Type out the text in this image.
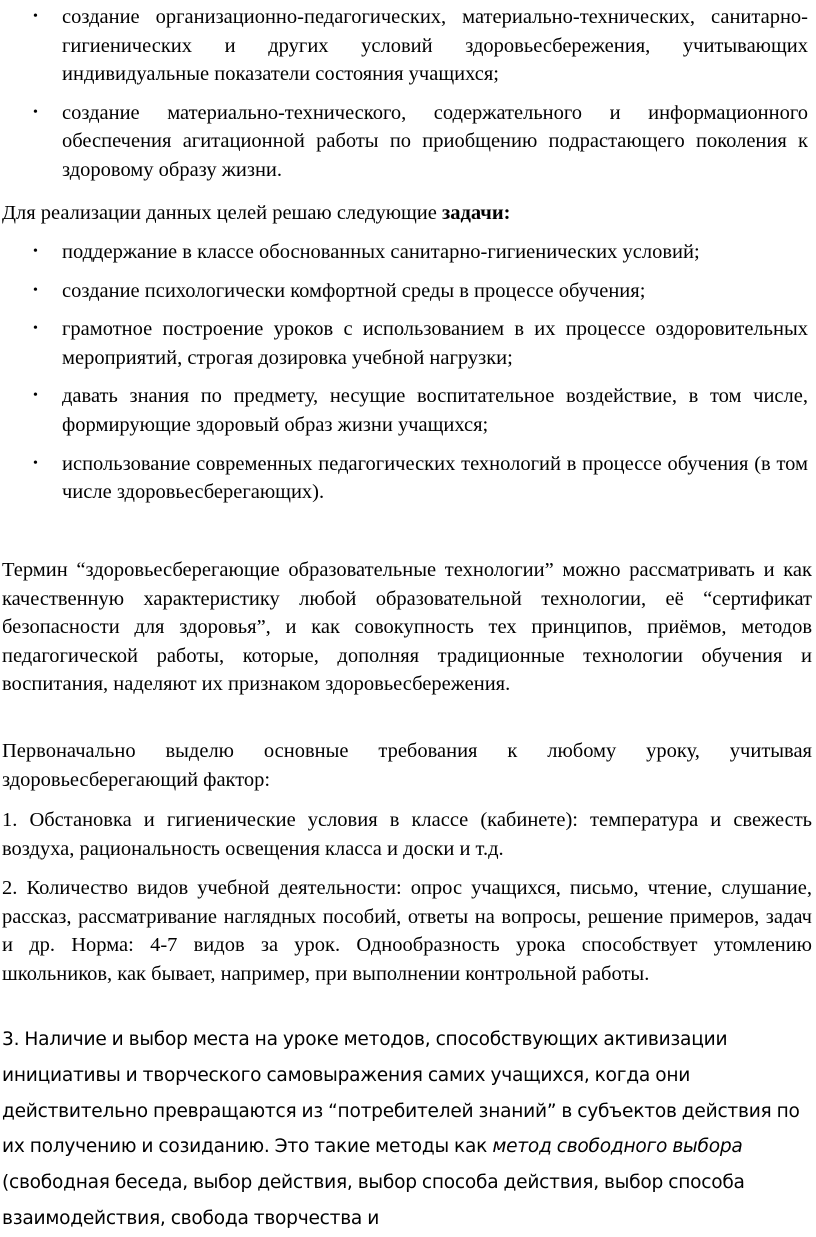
• создание организационно-педагогических, материально-технических, санитарно-гигиенических и других условий здоровьесбережения, учитывающих индивидуальные показатели состояния учащихся;
• создание материально-технического, содержательного и информационного обеспечения агитационной работы по приобщению подрастающего поколения к здоровому образу жизни.

Для реализации данных целей решаю следующие задачи:

• поддержание в классе обоснованных санитарно-гигиенических условий;
• создание психологически комфортной среды в процессе обучения;
• грамотное построение уроков с использованием в их процессе оздоровительных мероприятий, строгая дозировка учебной нагрузки;
• давать знания по предмету, несущие воспитательное воздействие, в том числе, формирующие здоровый образ жизни учащихся;
• использование современных педагогических технологий в процессе обучения (в том числе здоровьесберегающих).

Термин “здоровьесберегающие образовательные технологии” можно рассматривать и как качественную характеристику любой образовательной технологии, её “сертификат безопасности для здоровья”, и как совокупность тех принципов, приёмов, методов педагогической работы, которые, дополняя традиционные технологии обучения и воспитания, наделяют их признаком здоровьесбережения.

Первоначально выделю основные требования к любому уроку, учитывая здоровьесберегающий фактор:

1. Обстановка и гигиенические условия в классе (кабинете): температура и свежесть воздуха, рациональность освещения класса и доски и т.д.

2. Количество видов учебной деятельности: опрос учащихся, письмо, чтение, слушание, рассказ, рассматривание наглядных пособий, ответы на вопросы, решение примеров, задач и др. Норма: 4-7 видов за урок. Однообразность урока способствует утомлению школьников, как бывает, например, при выполнении контрольной работы.

3. Наличие и выбор места на уроке методов, способствующих активизации инициативы и творческого самовыражения самих учащихся, когда они действительно превращаются из “потребителей знаний” в субъектов действия по их получению и созиданию. Это такие методы как метод свободного выбора (свободная беседа, выбор действия, выбор способа действия, выбор способа взаимодействия, свобода творчества и
